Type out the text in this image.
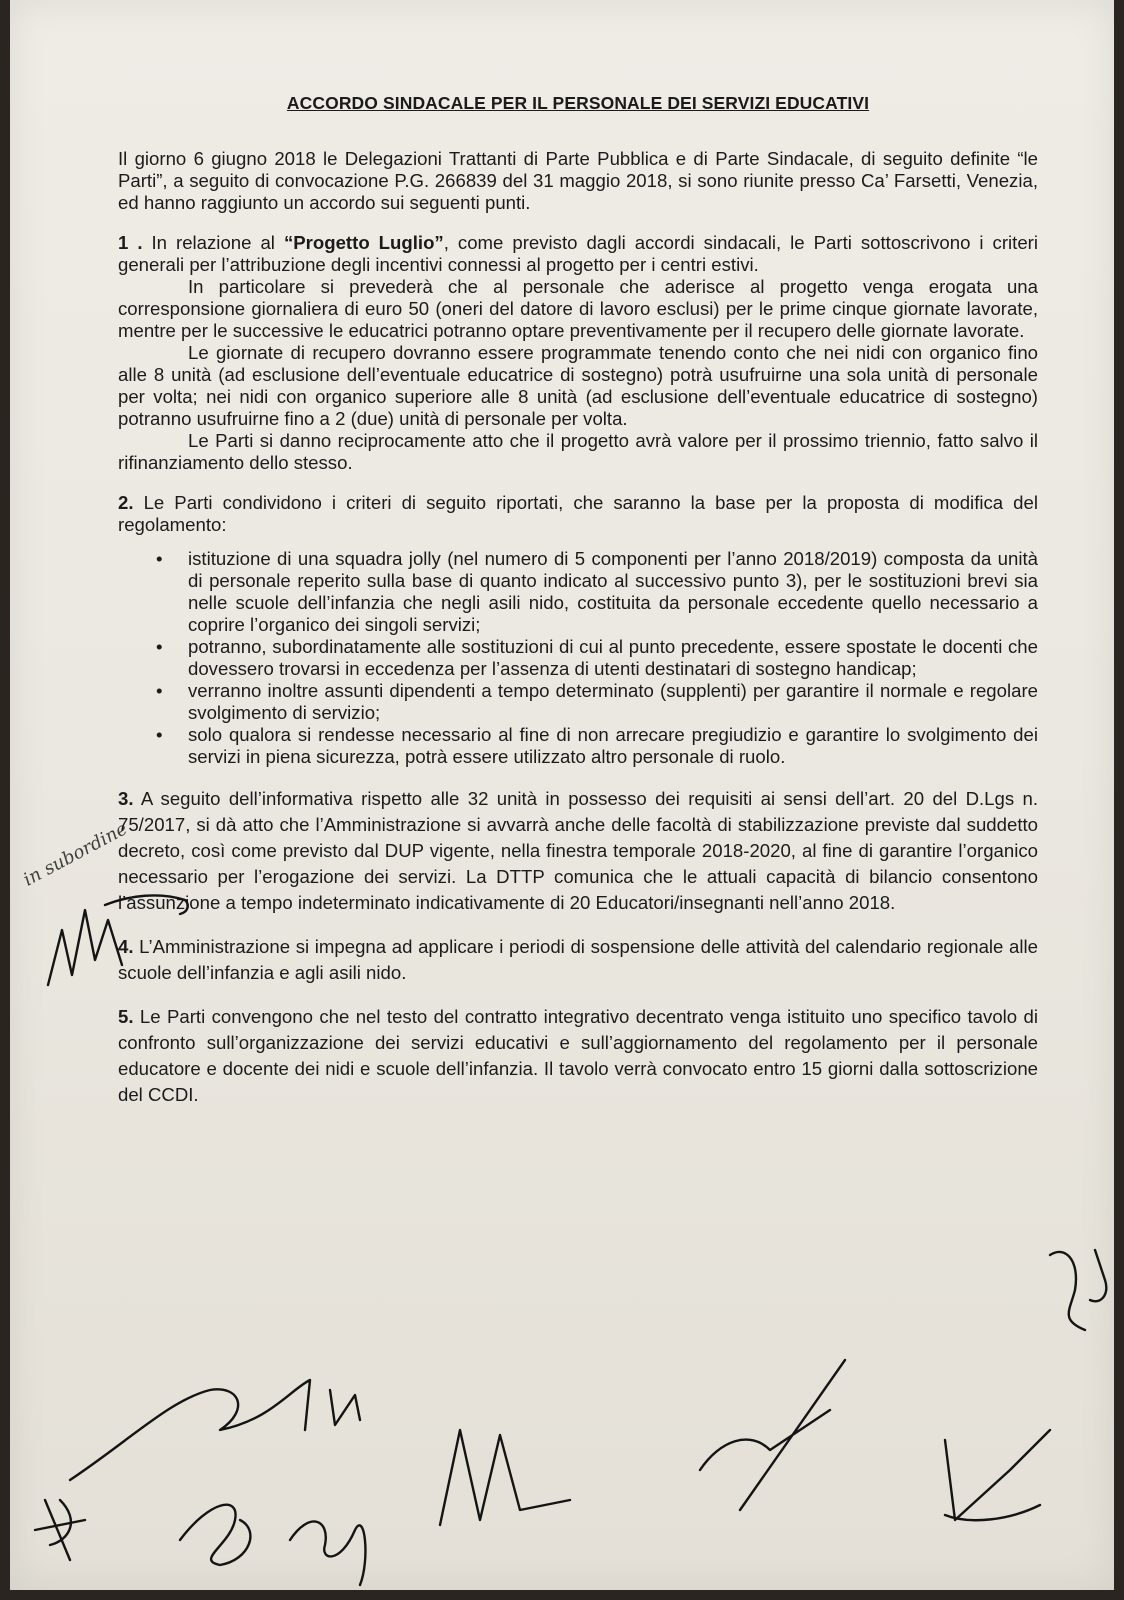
ACCORDO SINDACALE PER IL PERSONALE DEI SERVIZI EDUCATIVI

Il giorno 6 giugno 2018 le Delegazioni Trattanti di Parte Pubblica e di Parte Sindacale, di seguito definite “le Parti”, a seguito di convocazione P.G. 266839 del 31 maggio 2018, si sono riunite presso Ca’ Farsetti, Venezia, ed hanno raggiunto un accordo sui seguenti punti.

1 . In relazione al “Progetto Luglio”, come previsto dagli accordi sindacali, le Parti sottoscrivono i criteri generali per l’attribuzione degli incentivi connessi al progetto per i centri estivi.

In particolare si prevederà che al personale che aderisce al progetto venga erogata una corresponsione giornaliera di euro 50 (oneri del datore di lavoro esclusi) per le prime cinque giornate lavorate, mentre per le successive le educatrici potranno optare preventivamente per il recupero delle giornate lavorate.

Le giornate di recupero dovranno essere programmate tenendo conto che nei nidi con organico fino alle 8 unità (ad esclusione dell’eventuale educatrice di sostegno) potrà usufruirne una sola unità di personale per volta; nei nidi con organico superiore alle 8 unità (ad esclusione dell’eventuale educatrice di sostegno) potranno usufruirne fino a 2 (due) unità di personale per volta.

Le Parti si danno reciprocamente atto che il progetto avrà valore per il prossimo triennio, fatto salvo il rifinanziamento dello stesso.

2. Le Parti condividono i criteri di seguito riportati, che saranno la base per la proposta di modifica del regolamento:

• istituzione di una squadra jolly (nel numero di 5 componenti per l’anno 2018/2019) composta da unità di personale reperito sulla base di quanto indicato al successivo punto 3), per le sostituzioni brevi sia nelle scuole dell’infanzia che negli asili nido, costituita da personale eccedente quello necessario a coprire l’organico dei singoli servizi;
• potranno, subordinatamente alle sostituzioni di cui al punto precedente, essere spostate le docenti che dovessero trovarsi in eccedenza per l’assenza di utenti destinatari di sostegno handicap;
• verranno inoltre assunti dipendenti a tempo determinato (supplenti) per garantire il normale e regolare svolgimento di servizio;
• solo qualora si rendesse necessario al fine di non arrecare pregiudizio e garantire lo svolgimento dei servizi in piena sicurezza, potrà essere utilizzato altro personale di ruolo.

3. A seguito dell’informativa rispetto alle 32 unità in possesso dei requisiti ai sensi dell’art. 20 del D.Lgs n. 75/2017, si dà atto che l’Amministrazione si avvarrà anche delle facoltà di stabilizzazione previste dal suddetto decreto, così come previsto dal DUP vigente, nella finestra temporale 2018-2020, al fine di garantire l’organico necessario per l’erogazione dei servizi. La DTTP comunica che le attuali capacità di bilancio consentono l’assunzione a tempo indeterminato indicativamente di 20 Educatori/insegnanti nell’anno 2018.

4. L’Amministrazione si impegna ad applicare i periodi di sospensione delle attività del calendario regionale alle scuole dell’infanzia e agli asili nido.

5. Le Parti convengono che nel testo del contratto integrativo decentrato venga istituito uno specifico tavolo di confronto sull’organizzazione dei servizi educativi e sull’aggiornamento del regolamento per il personale educatore e docente dei nidi e scuole dell’infanzia. Il tavolo verrà convocato entro 15 giorni dalla sottoscrizione del CCDI.

in subordine
